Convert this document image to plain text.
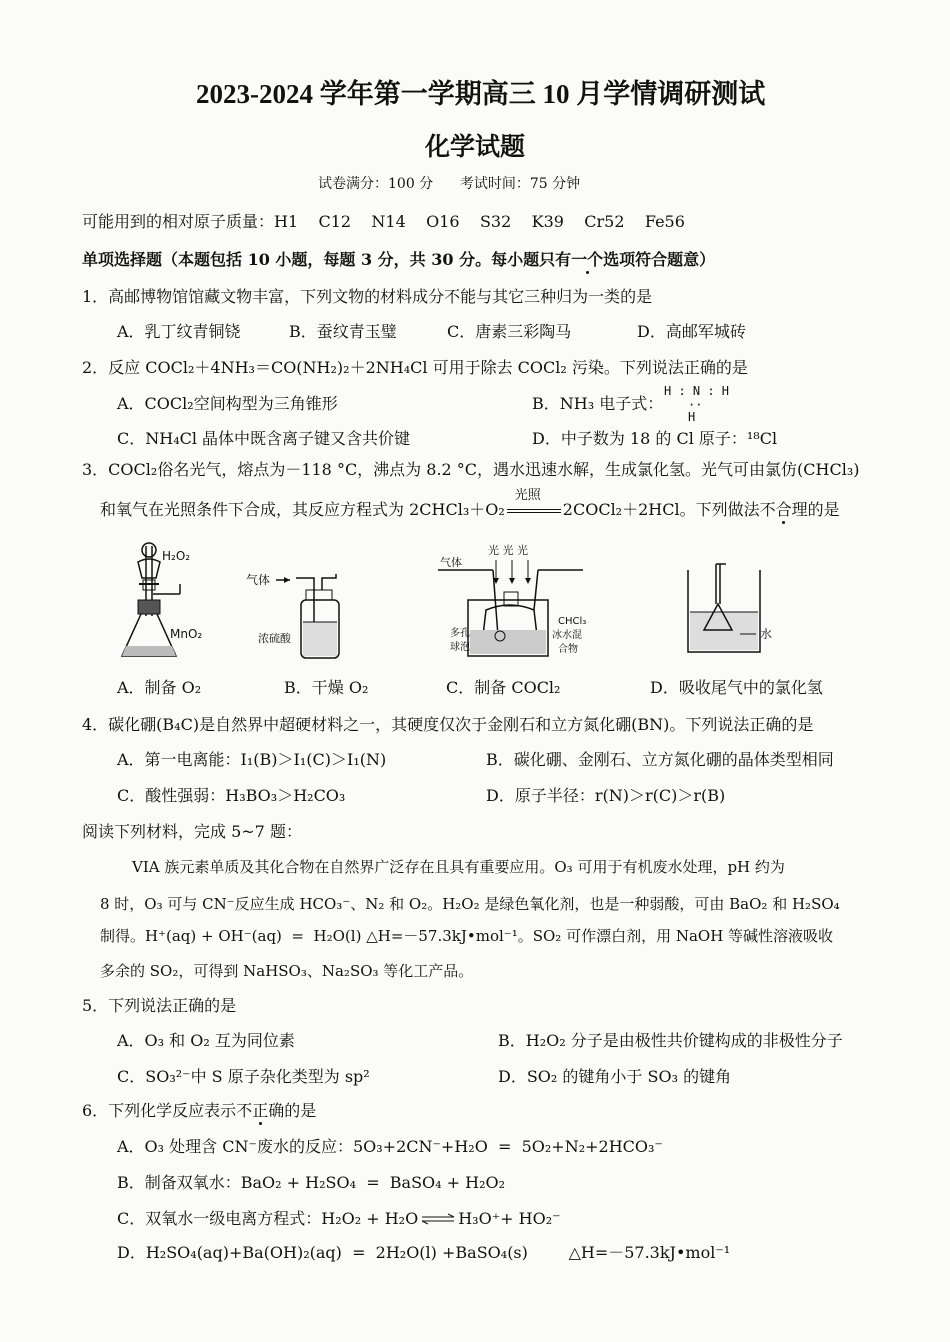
2023-2024 学年第一学期高三 10 月学情调研测试
化学试题
试卷满分：100 分      考试时间：75 分钟
可能用到的相对原子质量：H1    C12    N14    O16    S32    K39    Cr52    Fe56
单项选择题（本题包括 10 小题，每题 3 分，共 30 分。每小题只有一个选项符合题意）
1．高邮博物馆馆藏文物丰富，下列文物的材料成分不能与其它三种归为一类的是
A．乳丁纹青铜铙	B．蚕纹青玉璧	C．唐素三彩陶马	D．高邮军城砖
2．反应 COCl₂＋4NH₃＝CO(NH₂)₂＋2NH₄Cl 可用于除去 COCl₂ 污染。下列说法正确的是
A．COCl₂空间构型为三角锥形	B．NH₃ 电子式：
H : N : H
··
H
C．NH₄Cl 晶体中既含离子键又含共价键	D．中子数为 18 的 Cl 原子：¹⁸Cl
3．COCl₂俗名光气，熔点为－118 °C，沸点为 8.2 °C，遇水迅速水解，生成氯化氢。光气可由氯仿(CHCl₃)
和氧气在光照条件下合成，其反应方程式为 2CHCl₃＋O₂
光照
2COCl₂＋2HCl。下列做法不合理的是
H₂O₂
MnO₂
气体
浓硫酸
气体
光 光 光
CHCl₃
多孔
球泡
冰水混
合物
水
A．制备 O₂	B．干燥 O₂	C．制备 COCl₂	D．吸收尾气中的氯化氢
4．碳化硼(B₄C)是自然界中超硬材料之一，其硬度仅次于金刚石和立方氮化硼(BN)。下列说法正确的是
A．第一电离能：I₁(B)＞I₁(C)＞I₁(N)	B．碳化硼、金刚石、立方氮化硼的晶体类型相同
C．酸性强弱：H₃BO₃＞H₂CO₃	D．原子半径：r(N)＞r(C)＞r(B)
阅读下列材料，完成 5~7 题：
VIA 族元素单质及其化合物在自然界广泛存在且具有重要应用。O₃ 可用于有机废水处理，pH 约为
8 时，O₃ 可与 CN⁻反应生成 HCO₃⁻、N₂ 和 O₂。H₂O₂ 是绿色氧化剂，也是一种弱酸，可由 BaO₂ 和 H₂SO₄
制得。H⁺(aq) + OH⁻(aq)  =  H₂O(l) △H=－57.3kJ•mol⁻¹。SO₂ 可作漂白剂，用 NaOH 等碱性溶液吸收
多余的 SO₂，可得到 NaHSO₃、Na₂SO₃ 等化工产品。
5．下列说法正确的是
A．O₃ 和 O₂ 互为同位素	B．H₂O₂ 分子是由极性共价键构成的非极性分子
C．SO₃²⁻中 S 原子杂化类型为 sp²	D．SO₂ 的键角小于 SO₃ 的键角
6．下列化学反应表示不正确的是
A．O₃ 处理含 CN⁻废水的反应：5O₃+2CN⁻+H₂O  =  5O₂+N₂+2HCO₃⁻
B．制备双氧水：BaO₂ + H₂SO₄  =  BaSO₄ + H₂O₂
C．双氧水一级电离方程式：H₂O₂ + H₂O⇌H₃O⁺+ HO₂⁻
D．H₂SO₄(aq)+Ba(OH)₂(aq)  =  2H₂O(l) +BaSO₄(s)        △H=－57.3kJ•mol⁻¹
